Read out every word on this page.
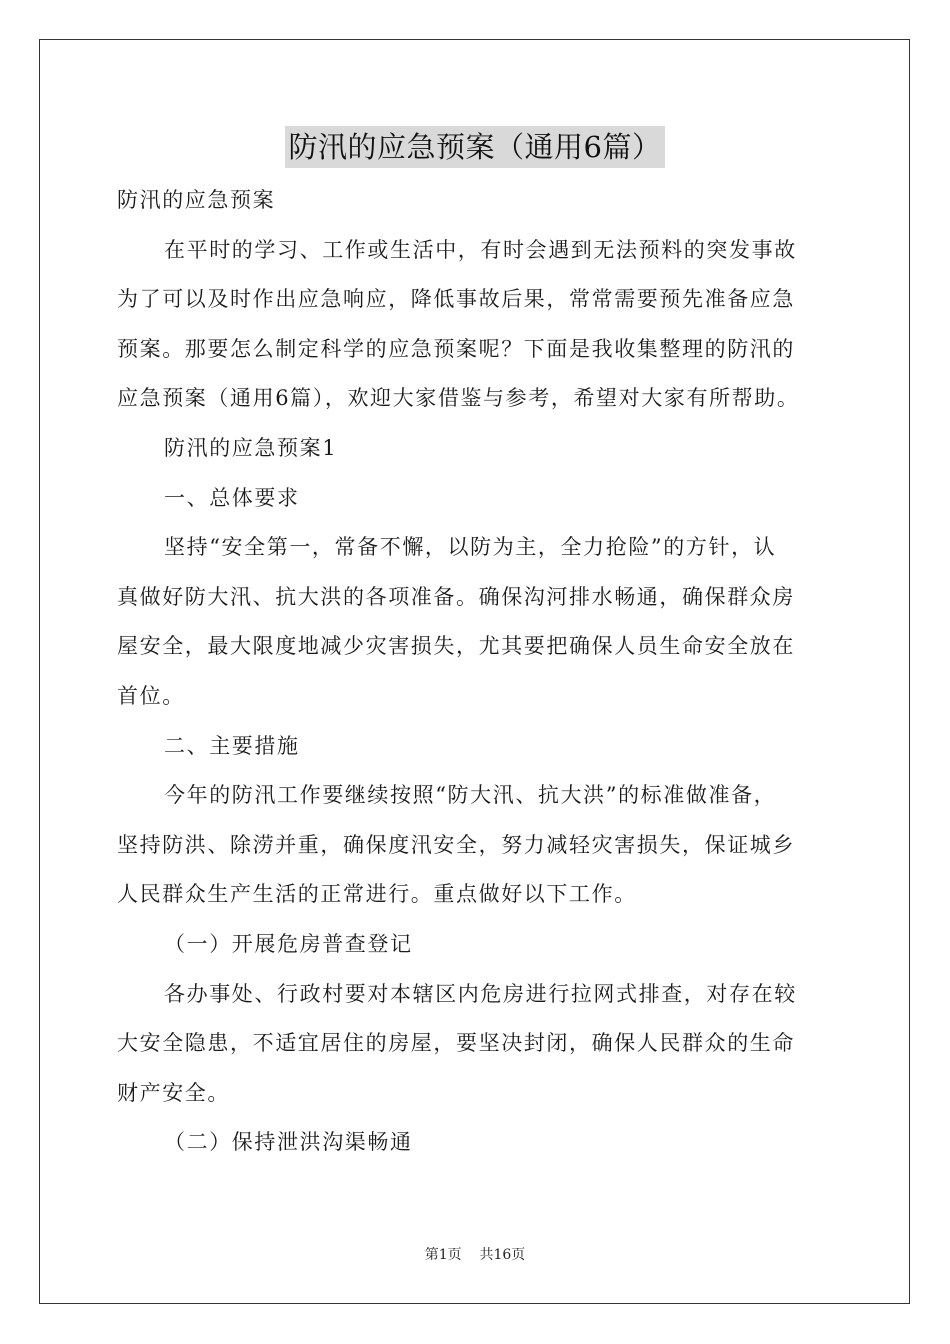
防汛的应急预案（通用6篇）
防汛的应急预案
在平时的学习、工作或生活中，有时会遇到无法预料的突发事故
为了可以及时作出应急响应，降低事故后果，常常需要预先准备应急
预案。那要怎么制定科学的应急预案呢？下面是我收集整理的防汛的
应急预案（通用6篇），欢迎大家借鉴与参考，希望对大家有所帮助。
防汛的应急预案1
一、总体要求
坚持“安全第一，常备不懈，以防为主，全力抢险”的方针，认
真做好防大汛、抗大洪的各项准备。确保沟河排水畅通，确保群众房
屋安全，最大限度地减少灾害损失，尤其要把确保人员生命安全放在
首位。
二、主要措施
今年的防汛工作要继续按照“防大汛、抗大洪”的标准做准备，
坚持防洪、除涝并重，确保度汛安全，努力减轻灾害损失，保证城乡
人民群众生产生活的正常进行。重点做好以下工作。
（一）开展危房普查登记
各办事处、行政村要对本辖区内危房进行拉网式排查，对存在较
大安全隐患，不适宜居住的房屋，要坚决封闭，确保人民群众的生命
财产安全。
（二）保持泄洪沟渠畅通
第1页 共16页
